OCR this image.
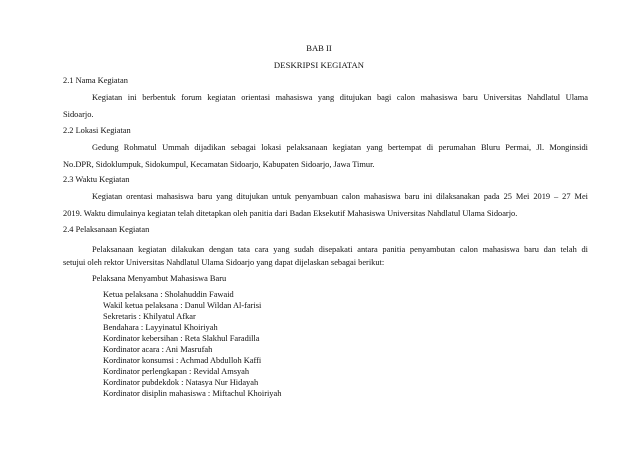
BAB II
DESKRIPSI KEGIATAN
2.1 Nama Kegiatan
Kegiatan ini berbentuk forum kegiatan orientasi mahasiswa yang ditujukan bagi calon mahasiswa baru Universitas Nahdlatul Ulama
Sidoarjo.
2.2 Lokasi Kegiatan
Gedung Rohmatul Ummah dijadikan sebagai lokasi pelaksanaan kegiatan yang bertempat di perumahan Bluru Permai, Jl. Monginsidi
No.DPR, Sidoklumpuk, Sidokumpul, Kecamatan Sidoarjo, Kabupaten Sidoarjo, Jawa Timur.
2.3 Waktu Kegiatan
Kegiatan orentasi mahasiswa baru yang ditujukan untuk penyambuan calon mahasiswa baru ini dilaksanakan pada 25 Mei 2019 – 27 Mei
2019. Waktu dimulainya kegiatan telah ditetapkan oleh panitia dari Badan Eksekutif Mahasiswa Universitas Nahdlatul Ulama Sidoarjo.
2.4 Pelaksanaan Kegiatan
Pelaksanaan kegiatan dilakukan dengan tata cara yang sudah disepakati antara panitia penyambutan calon mahasiswa baru dan telah di
setujui oleh rektor Universitas Nahdlatul Ulama Sidoarjo yang dapat dijelaskan sebagai berikut:
Pelaksana Menyambut Mahasiswa Baru
Ketua pelaksana : Sholahuddin Fawaid
Wakil ketua pelaksana : Danul Wildan Al-farisi
Sekretaris : Khilyatul Afkar
Bendahara : Layyinatul Khoiriyah
Kordinator kebersihan : Reta Slakhul Faradilla
Kordinator acara : Ani Masrufah
Kordinator konsumsi : Achmad Abdulloh Kaffi
Kordinator perlengkapan : Revidal Amsyah
Kordinator pubdekdok : Natasya Nur Hidayah
Kordinator disiplin mahasiswa : Miftachul Khoiriyah
